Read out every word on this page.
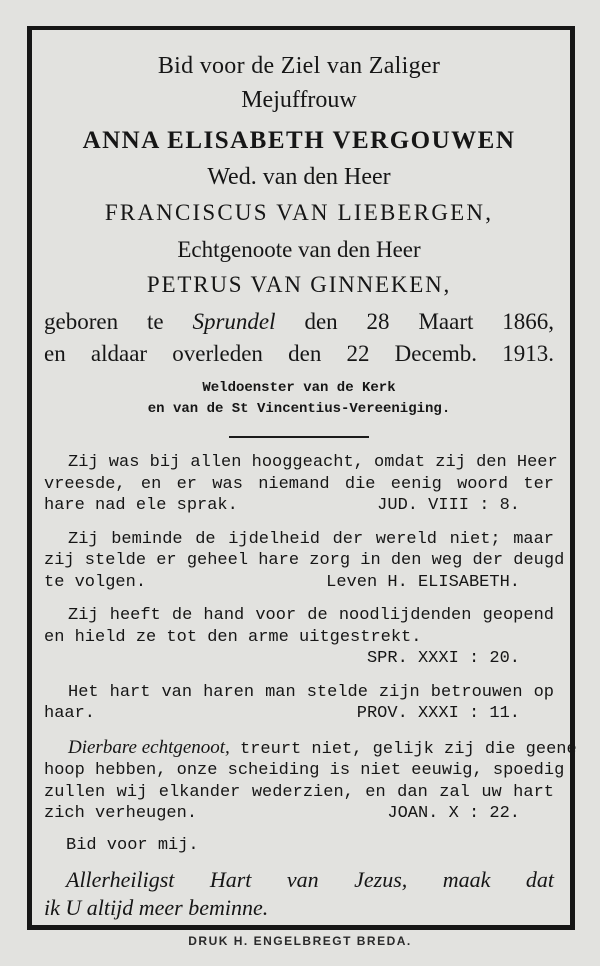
Bid voor de Ziel van Zaliger
Mejuffrouw
ANNA ELISABETH VERGOUWEN
Wed. van den Heer
FRANCISCUS VAN LIEBERGEN,
Echtgenoote van den Heer
PETRUS VAN GINNEKEN,
geboren te Sprundel den 28 Maart 1866,
en aldaar overleden den 22 Decemb. 1913.
Weldoenster van de Kerk
en van de St Vincentius-Vereeniging.
Zij was bij allen hooggeacht, omdat zij den Heer
vreesde, en er was niemand die eenig woord ter
hare nad ele sprak.	JUD. VIII : 8.
Zij beminde de ijdelheid der wereld niet; maar
zij stelde er geheel hare zorg in den weg der deugd
te volgen.	Leven H. ELISABETH.
Zij heeft de hand voor de noodlijdenden geopend
en hield ze tot den arme uitgestrekt.
SPR. XXXI : 20.
Het hart van haren man stelde zijn betrouwen op
haar.	PROV. XXXI : 11.
Dierbare echtgenoot, treurt niet, gelijk zij die geene
hoop hebben, onze scheiding is niet eeuwig, spoedig
zullen wij elkander wederzien, en dan zal uw hart
zich verheugen.	JOAN. X : 22.
Bid voor mij.
Allerheiligst Hart van Jezus, maak dat
ik U altijd meer beminne.
DRUK H. ENGELBREGT BREDA.
